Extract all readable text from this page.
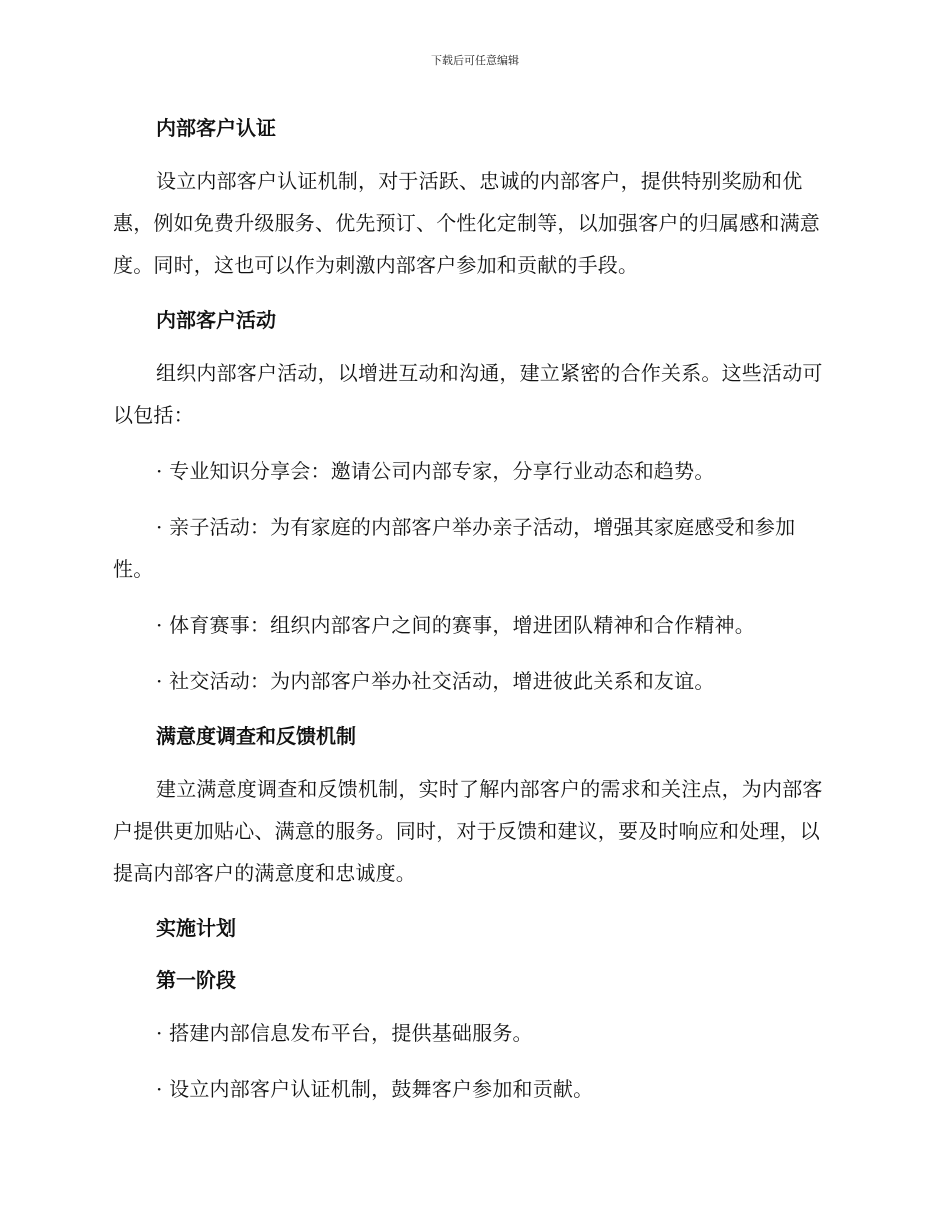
下载后可任意编辑
内部客户认证

设立内部客户认证机制，对于活跃、忠诚的内部客户，提供特别奖励和优惠，例如免费升级服务、优先预订、个性化定制等，以加强客户的归属感和满意度。同时，这也可以作为刺激内部客户参加和贡献的手段。

内部客户活动

组织内部客户活动，以增进互动和沟通，建立紧密的合作关系。这些活动可以包括：

· 专业知识分享会：邀请公司内部专家，分享行业动态和趋势。

· 亲子活动：为有家庭的内部客户举办亲子活动，增强其家庭感受和参加性。

· 体育赛事：组织内部客户之间的赛事，增进团队精神和合作精神。

· 社交活动：为内部客户举办社交活动，增进彼此关系和友谊。

满意度调查和反馈机制

建立满意度调查和反馈机制，实时了解内部客户的需求和关注点，为内部客户提供更加贴心、满意的服务。同时，对于反馈和建议，要及时响应和处理，以提高内部客户的满意度和忠诚度。

实施计划
第一阶段

· 搭建内部信息发布平台，提供基础服务。

· 设立内部客户认证机制，鼓舞客户参加和贡献。
